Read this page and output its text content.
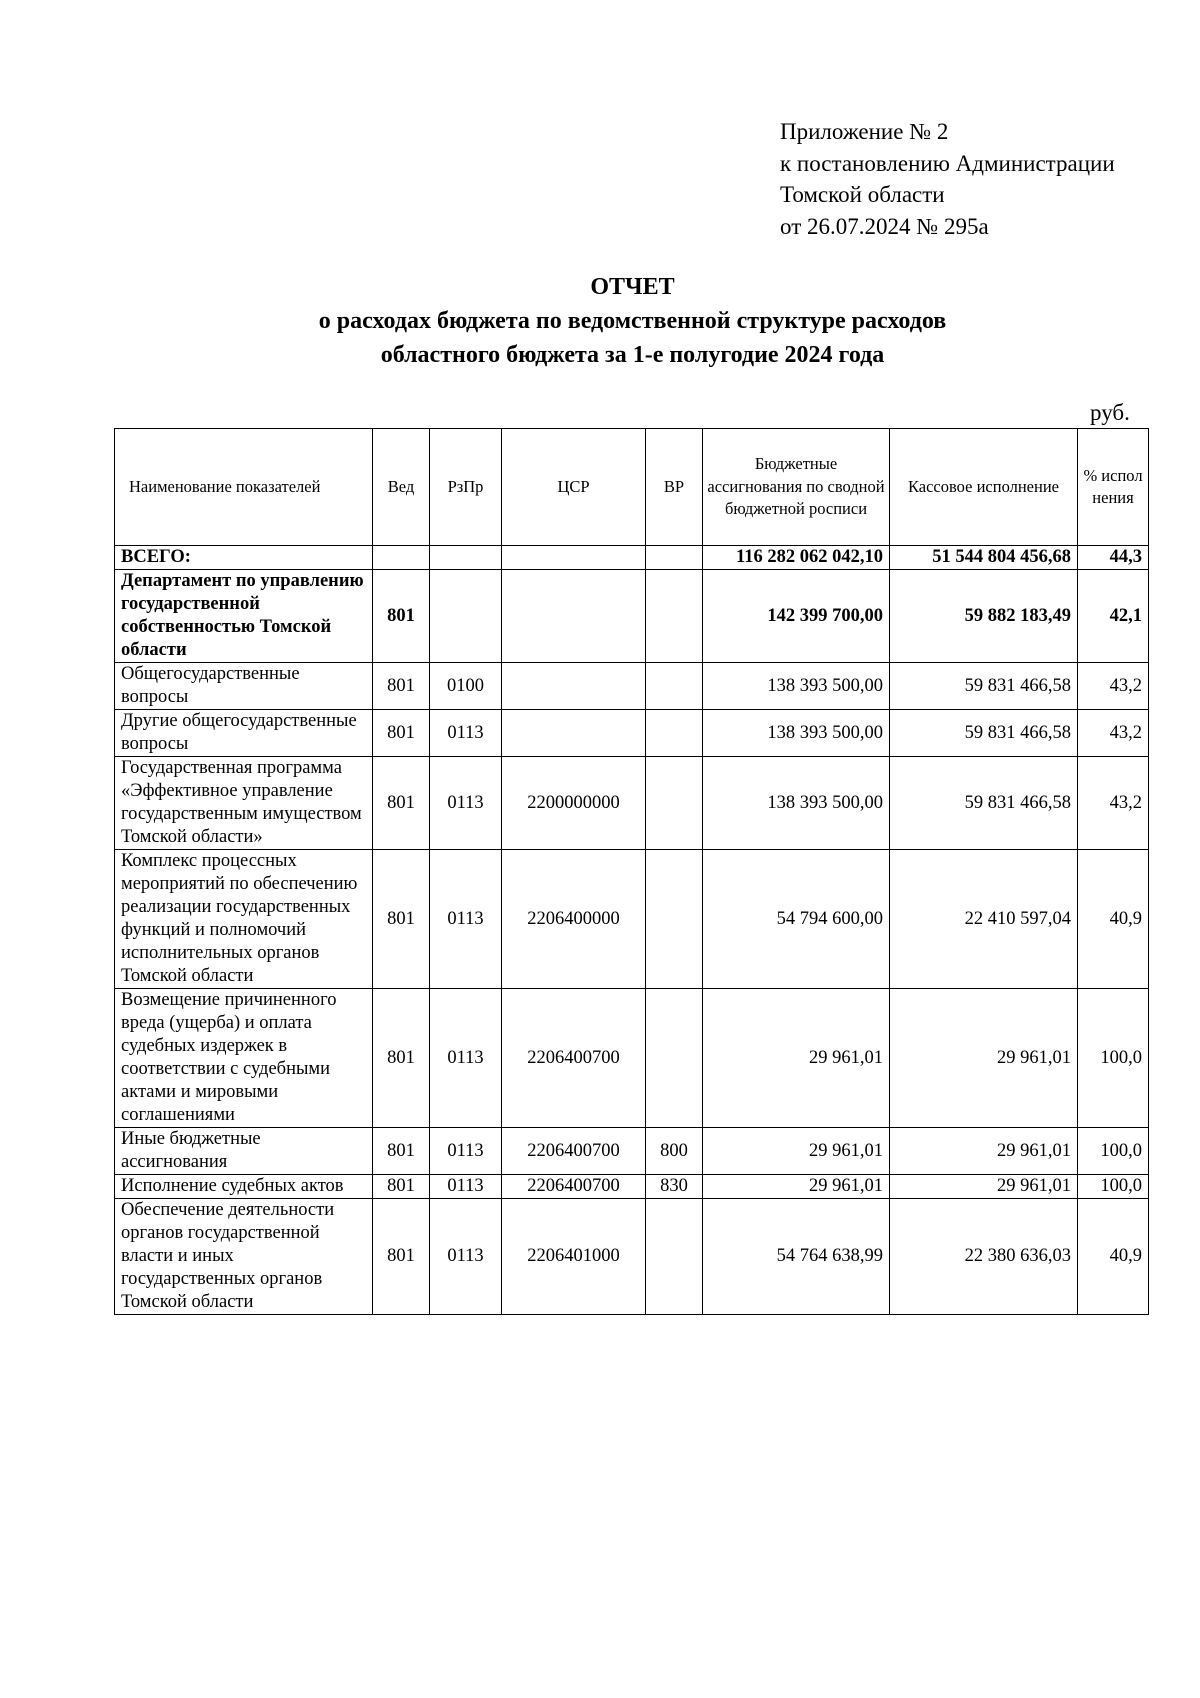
Приложение № 2
к постановлению Администрации
Томской области
от 26.07.2024 № 295а
ОТЧЕТ
о расходах бюджета по ведомственной структуре расходов
областного бюджета за 1-е полугодие 2024 года
руб.
Наименование показателей	Вед	РзПр	ЦСР	ВР	Бюджетные ассигнования по сводной бюджетной росписи	Кассовое исполнение	% испол нения
ВСЕГО:					116 282 062 042,10	51 544 804 456,68	44,3
Департамент по управлению государственной собственностью Томской области	801				142 399 700,00	59 882 183,49	42,1
Общегосударственные вопросы	801	0100			138 393 500,00	59 831 466,58	43,2
Другие общегосударственные вопросы	801	0113			138 393 500,00	59 831 466,58	43,2
Государственная программа «Эффективное управление государственным имуществом Томской области»	801	0113	2200000000		138 393 500,00	59 831 466,58	43,2
Комплекс процессных мероприятий по обеспечению реализации государственных функций и полномочий исполнительных органов Томской области	801	0113	2206400000		54 794 600,00	22 410 597,04	40,9
Возмещение причиненного вреда (ущерба) и оплата судебных издержек в соответствии с судебными актами и мировыми соглашениями	801	0113	2206400700		29 961,01	29 961,01	100,0
Иные бюджетные ассигнования	801	0113	2206400700	800	29 961,01	29 961,01	100,0
Исполнение судебных актов	801	0113	2206400700	830	29 961,01	29 961,01	100,0
Обеспечение деятельности органов государственной власти и иных государственных органов Томской области	801	0113	2206401000		54 764 638,99	22 380 636,03	40,9
